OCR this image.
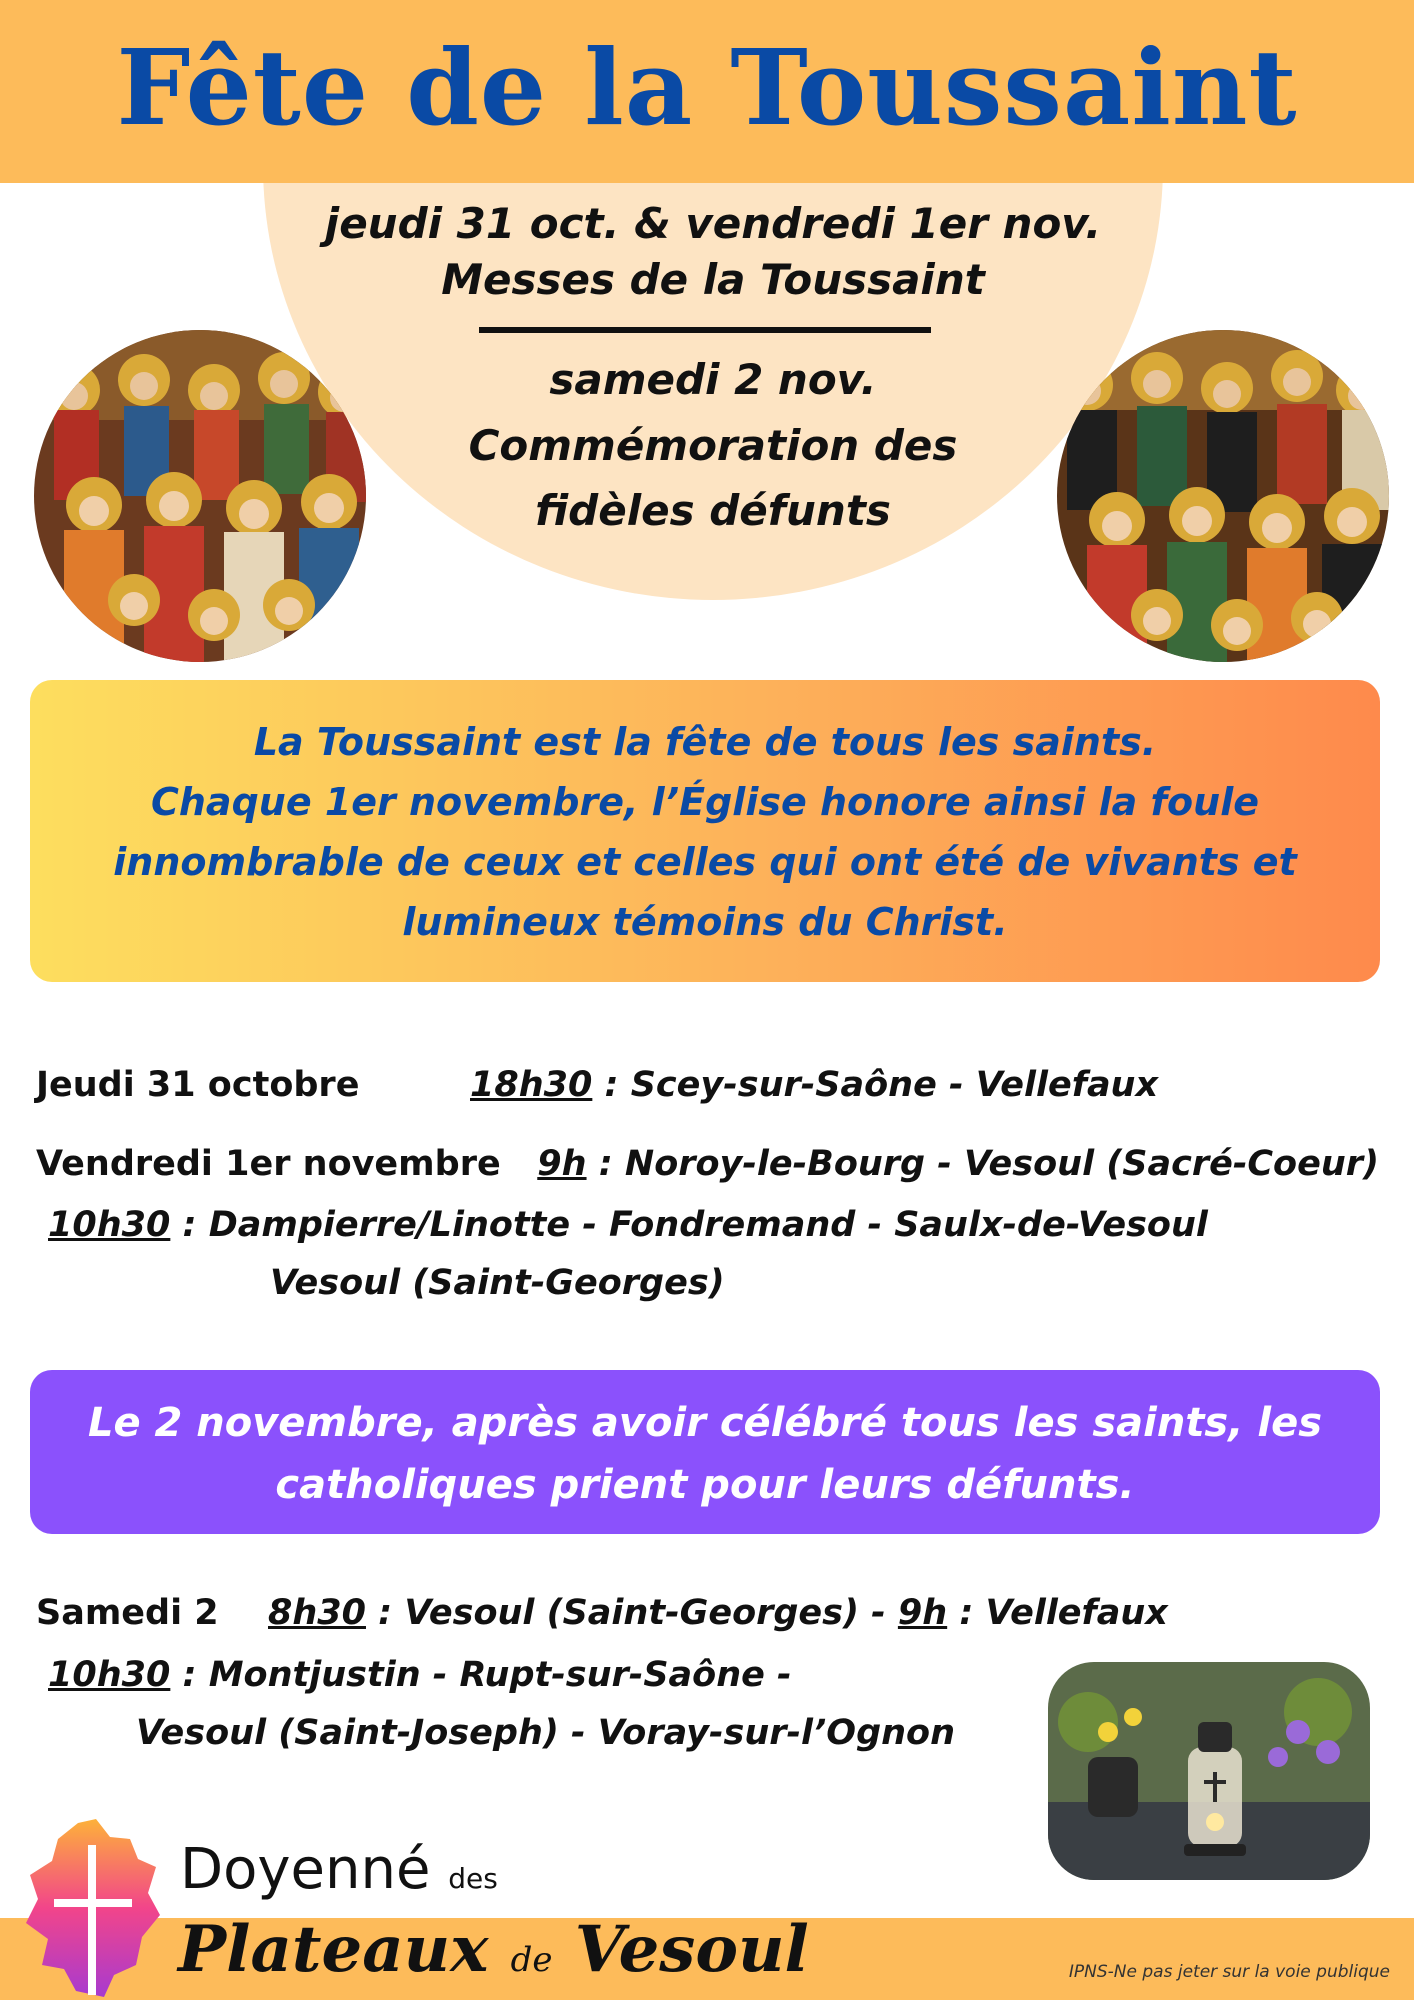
Fête de la Toussaint
jeudi 31 oct. & vendredi 1er nov.
Messes de la Toussaint
samedi 2 nov.
Commémoration des
fidèles défunts
La Toussaint est la fête de tous les saints.
Chaque 1er novembre, l’Église honore ainsi la foule
innombrable de ceux et celles qui ont été de vivants et
lumineux témoins du Christ.
Jeudi 31 octobre	18h30 : Scey-sur-Saône - Vellefaux
Vendredi 1er novembre 9h : Noroy-le-Bourg - Vesoul (Sacré-Coeur)
10h30 : Dampierre/Linotte - Fondremand - Saulx-de-Vesoul
Vesoul (Saint-Georges)
Le 2 novembre, après avoir célébré tous les saints, les
catholiques prient pour leurs défunts.
Samedi 2 8h30 : Vesoul (Saint-Georges) - 9h : Vellefaux
10h30 : Montjustin - Rupt-sur-Saône -
Vesoul (Saint-Joseph) - Voray-sur-l’Ognon
Doyenné des
Plateaux de Vesoul	IPNS-Ne pas jeter sur la voie publique
